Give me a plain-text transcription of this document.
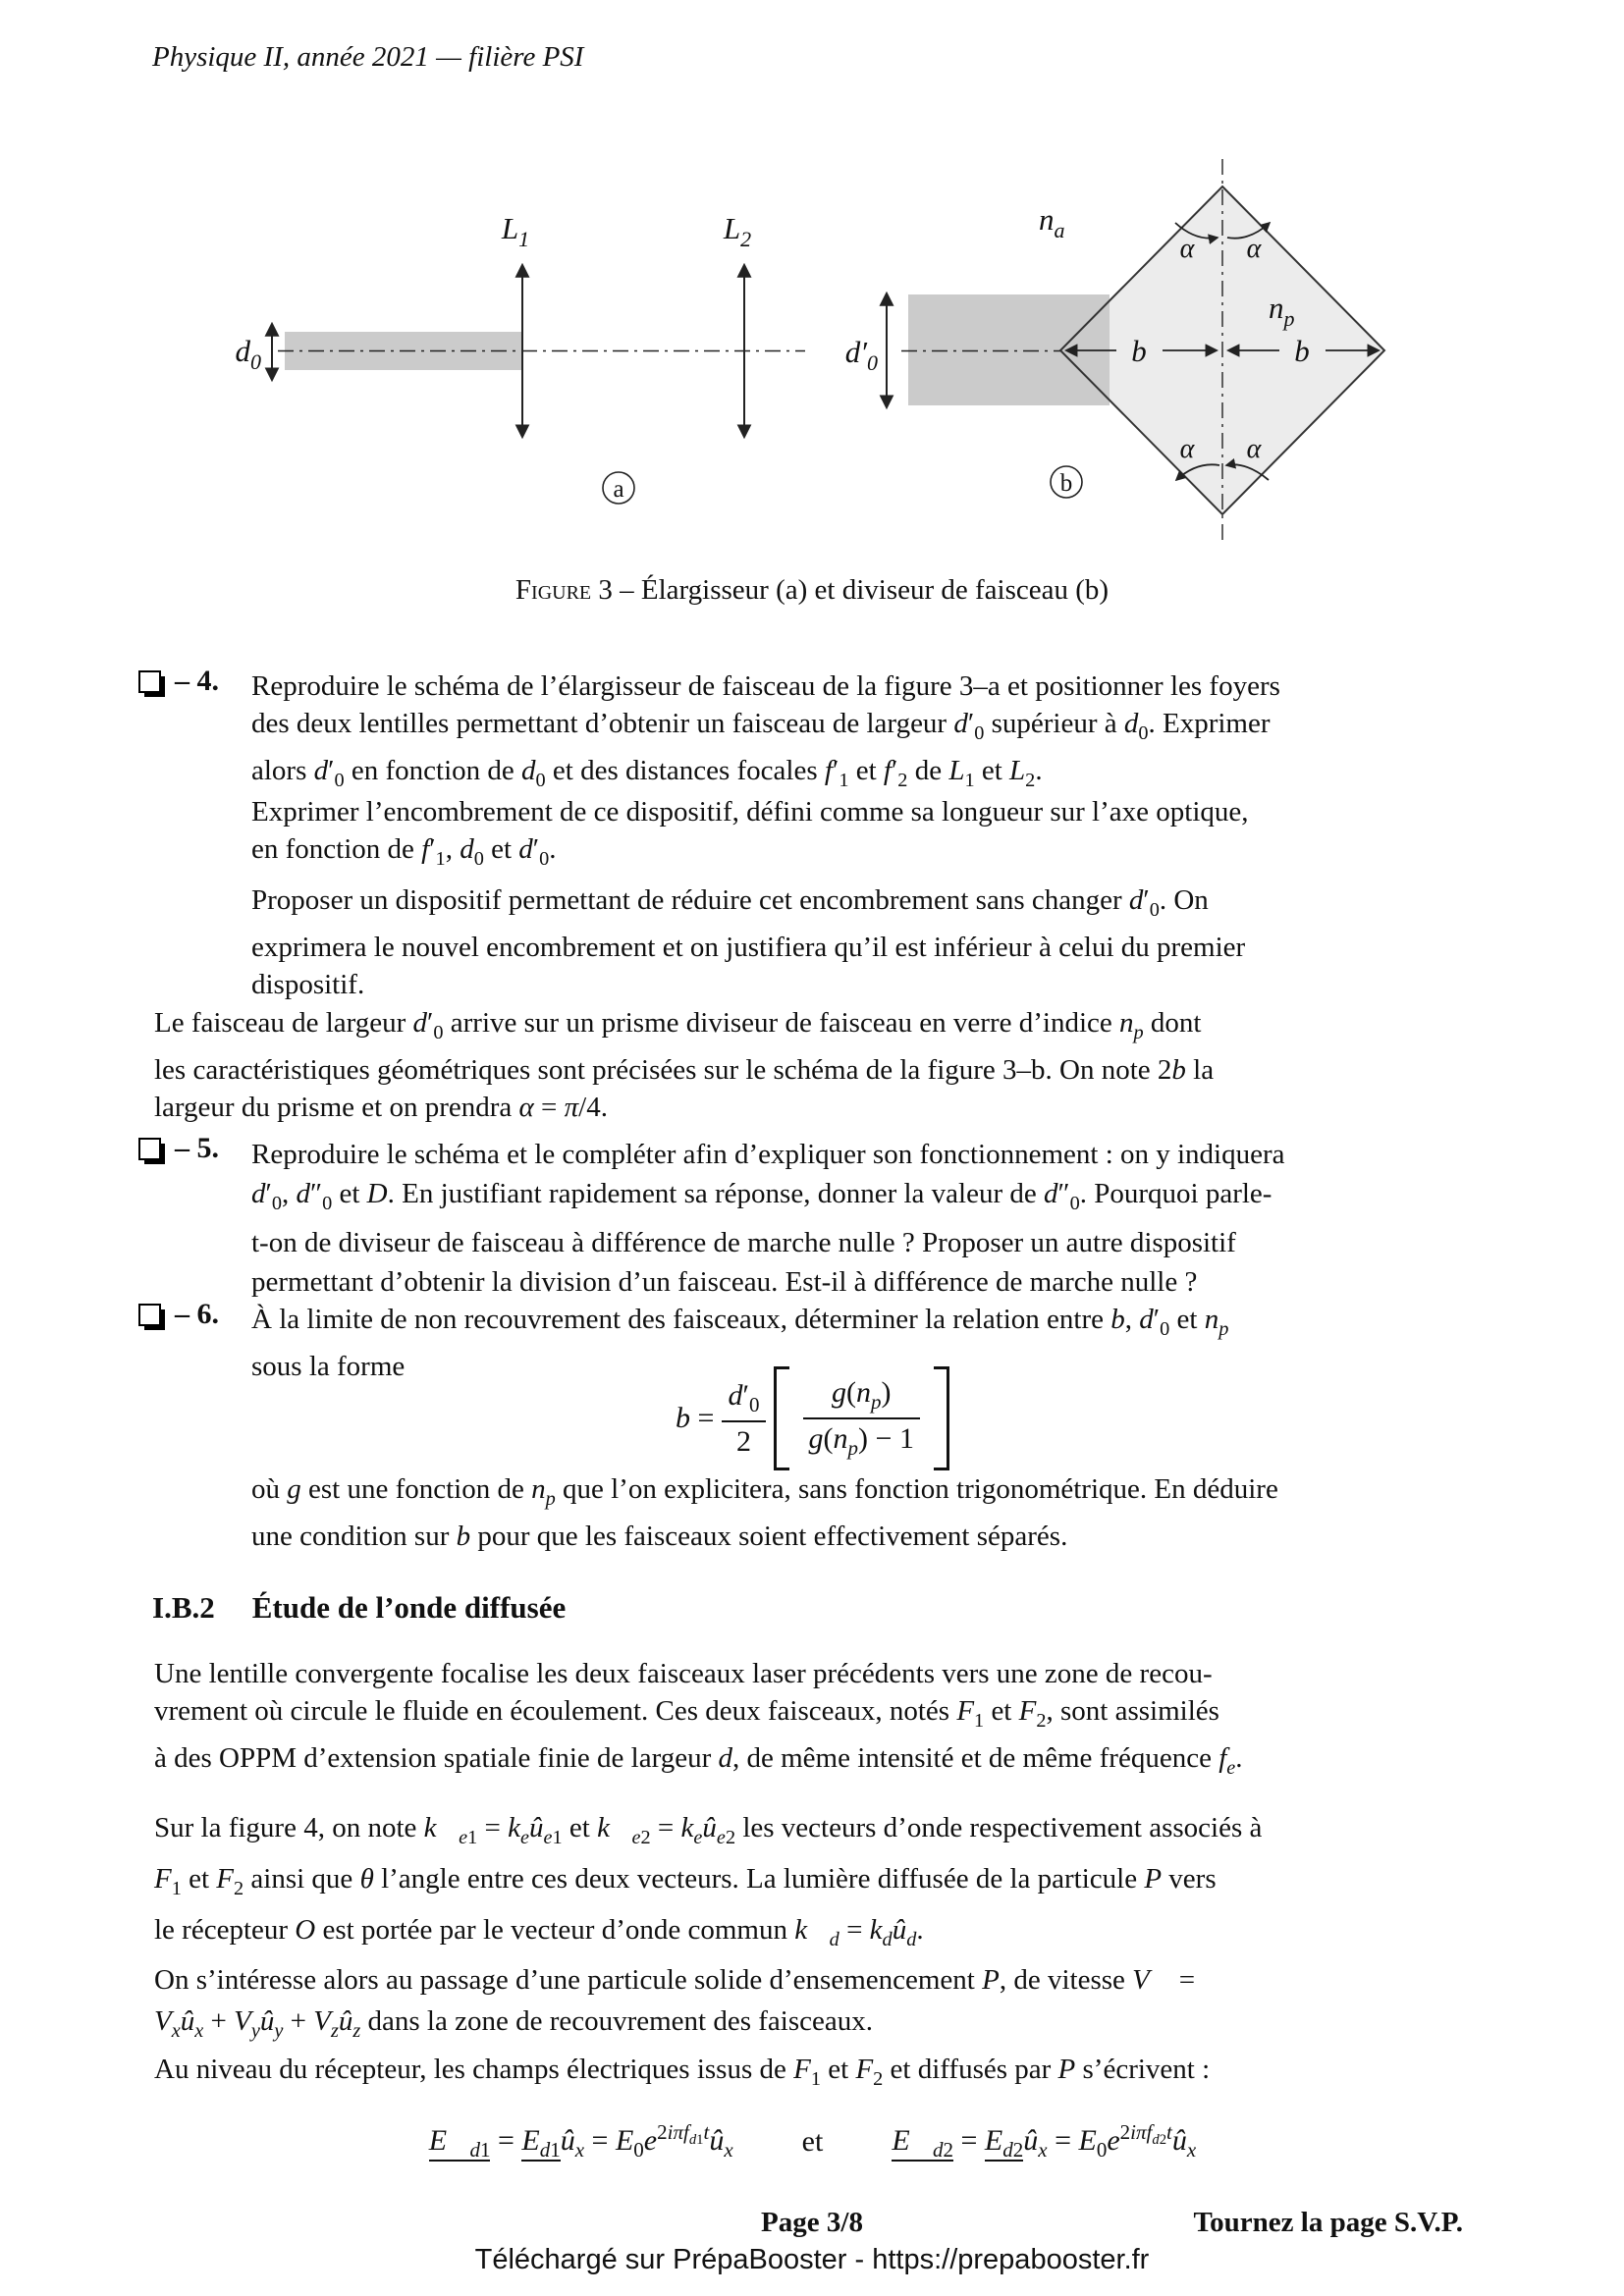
Physique II, année 2021 — filière PSI
$d_0$
$L_1$	$L_2$
a
$d'_0$	b	b
α α
α α
$n_a$
$n_p$
b
Figure 3 – Élargisseur (a) et diviseur de faisceau (b)
– 4. Reproduire le schéma de l’élargisseur de faisceau de la figure 3–a et positionner les foyers
des deux lentilles permettant d’obtenir un faisceau de largeur $d'_0$ supérieur à $d_0$. Exprimer
alors $d'_0$ en fonction de $d_0$ et des distances focales $f'_1$ et $f'_2$ de $L_1$ et $L_2$.
Exprimer l’encombrement de ce dispositif, défini comme sa longueur sur l’axe optique,
en fonction de $f'_1$, $d_0$ et $d'_0$.
Proposer un dispositif permettant de réduire cet encombrement sans changer $d'_0$. On
exprimera le nouvel encombrement et on justifiera qu’il est inférieur à celui du premier
dispositif.
Le faisceau de largeur $d'_0$ arrive sur un prisme diviseur de faisceau en verre d’indice $n_p$ dont
les caractéristiques géométriques sont précisées sur le schéma de la figure 3–b. On note 2b la
largeur du prisme et on prendra α = π/4.
– 5. Reproduire le schéma et le compléter afin d’expliquer son fonctionnement : on y indiquera
$d'_0$, $d''_0$ et D. En justifiant rapidement sa réponse, donner la valeur de $d''_0$. Pourquoi parle-
t-on de diviseur de faisceau à différence de marche nulle ? Proposer un autre dispositif
permettant d’obtenir la division d’un faisceau. Est-il à différence de marche nulle ?
– 6. À la limite de non recouvrement des faisceaux, déterminer la relation entre b, $d'_0$ et $n_p$
sous la forme
$b = \frac{d'_0}{2} \frac{g(n_p)}{g(n_p) - 1}$
où g est une fonction de $n_p$ que l’on explicitera, sans fonction trigonométrique. En déduire
une condition sur b pour que les faisceaux soient effectivement séparés.
I.B.2 Étude de l’onde diffusée
Une lentille convergente focalise les deux faisceaux laser précédents vers une zone de recou-
vrement où circule le fluide en écoulement. Ces deux faisceaux, notés $F_1$ et $F_2$, sont assimilés
à des OPPM d’extension spatiale finie de largeur d, de même intensité et de même fréquence $f_e$.
Sur la figure 4, on note $k⃗_{e1}$ = $k_eû_{e1}$ et $k⃗_{e2}$ = $k_eû_{e2}$ les vecteurs d’onde respectivement associés à
$F_1$ et $F_2$ ainsi que θ l’angle entre ces deux vecteurs. La lumière diffusée de la particule P vers
le récepteur O est portée par le vecteur d’onde commun $k⃗_d$ = $k_dû_d$.
On s’intéresse alors au passage d’une particule solide d’ensemencement P, de vitesse V⃗ =
$V_xû_x$ + $V_yû_y$ + $V_zû_z$ dans la zone de recouvrement des faisceaux.
Au niveau du récepteur, les champs électriques issus de $F_1$ et $F_2$ et diffusés par P s’écrivent :
$E⃗_{d1}$ = $E_{d1}û_x$ = $E_0e^{2i\pi f_{d1}t}û_x$ et $E⃗_{d2}$ = $E_{d2}û_x$ = $E_0e^{2i\pi f_{d2}t}û_x$
Page 3/8	Tournez la page S.V.P.
Téléchargé sur PrépaBooster - https://prepabooster.fr
